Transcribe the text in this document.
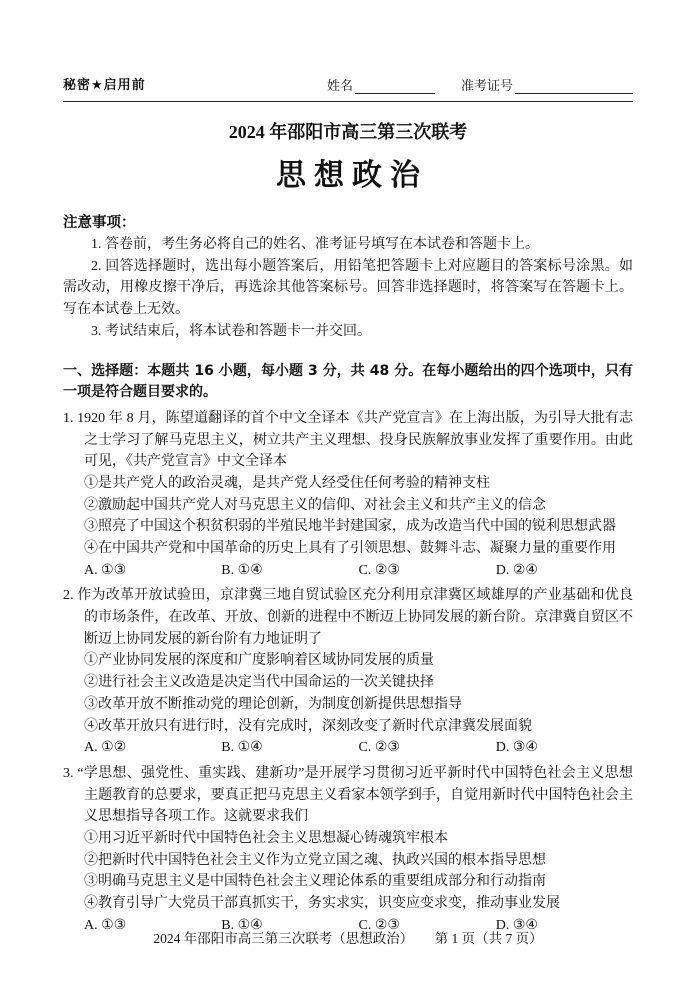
秘密★启用前	姓名	准考证号
2024 年邵阳市高三第三次联考
思想政治
注意事项：
1. 答卷前，考生务必将自己的姓名、准考证号填写在本试卷和答题卡上。
2. 回答选择题时，选出每小题答案后，用铅笔把答题卡上对应题目的答案标号涂黑。如需改动，用橡皮擦干净后，再选涂其他答案标号。回答非选择题时，将答案写在答题卡上。写在本试卷上无效。
3. 考试结束后，将本试卷和答题卡一并交回。
一、选择题：本题共 16 小题，每小题 3 分，共 48 分。在每小题给出的四个选项中，只有一项是符合题目要求的。
1. 1920 年 8 月，陈望道翻译的首个中文全译本《共产党宣言》在上海出版，为引导大批有志之士学习了解马克思主义，树立共产主义理想、投身民族解放事业发挥了重要作用。由此可见，《共产党宣言》中文全译本
①是共产党人的政治灵魂，是共产党人经受住任何考验的精神支柱
②激励起中国共产党人对马克思主义的信仰、对社会主义和共产主义的信念
③照亮了中国这个积贫积弱的半殖民地半封建国家，成为改造当代中国的锐利思想武器
④在中国共产党和中国革命的历史上具有了引领思想、鼓舞斗志、凝聚力量的重要作用
A. ①③	B. ①④	C. ②③	D. ②④
2. 作为改革开放试验田，京津冀三地自贸试验区充分利用京津冀区域雄厚的产业基础和优良的市场条件，在改革、开放、创新的进程中不断迈上协同发展的新台阶。京津冀自贸区不断迈上协同发展的新台阶有力地证明了
①产业协同发展的深度和广度影响着区域协同发展的质量
②进行社会主义改造是决定当代中国命运的一次关键抉择
③改革开放不断推动党的理论创新，为制度创新提供思想指导
④改革开放只有进行时，没有完成时，深刻改变了新时代京津冀发展面貌
A. ①②	B. ①④	C. ②③	D. ③④
3. “学思想、强党性、重实践、建新功”是开展学习贯彻习近平新时代中国特色社会主义思想主题教育的总要求，要真正把马克思主义看家本领学到手，自觉用新时代中国特色社会主义思想指导各项工作。这就要求我们
①用习近平新时代中国特色社会主义思想凝心铸魂筑牢根本
②把新时代中国特色社会主义作为立党立国之魂、执政兴国的根本指导思想
③明确马克思主义是中国特色社会主义理论体系的重要组成部分和行动指南
④教育引导广大党员干部真抓实干，务实求实，识变应变求变，推动事业发展
A. ①③	B. ①④	C. ②③	D. ③④
2024 年邵阳市高三第三次联考（思想政治） 第 1 页（共 7 页）
